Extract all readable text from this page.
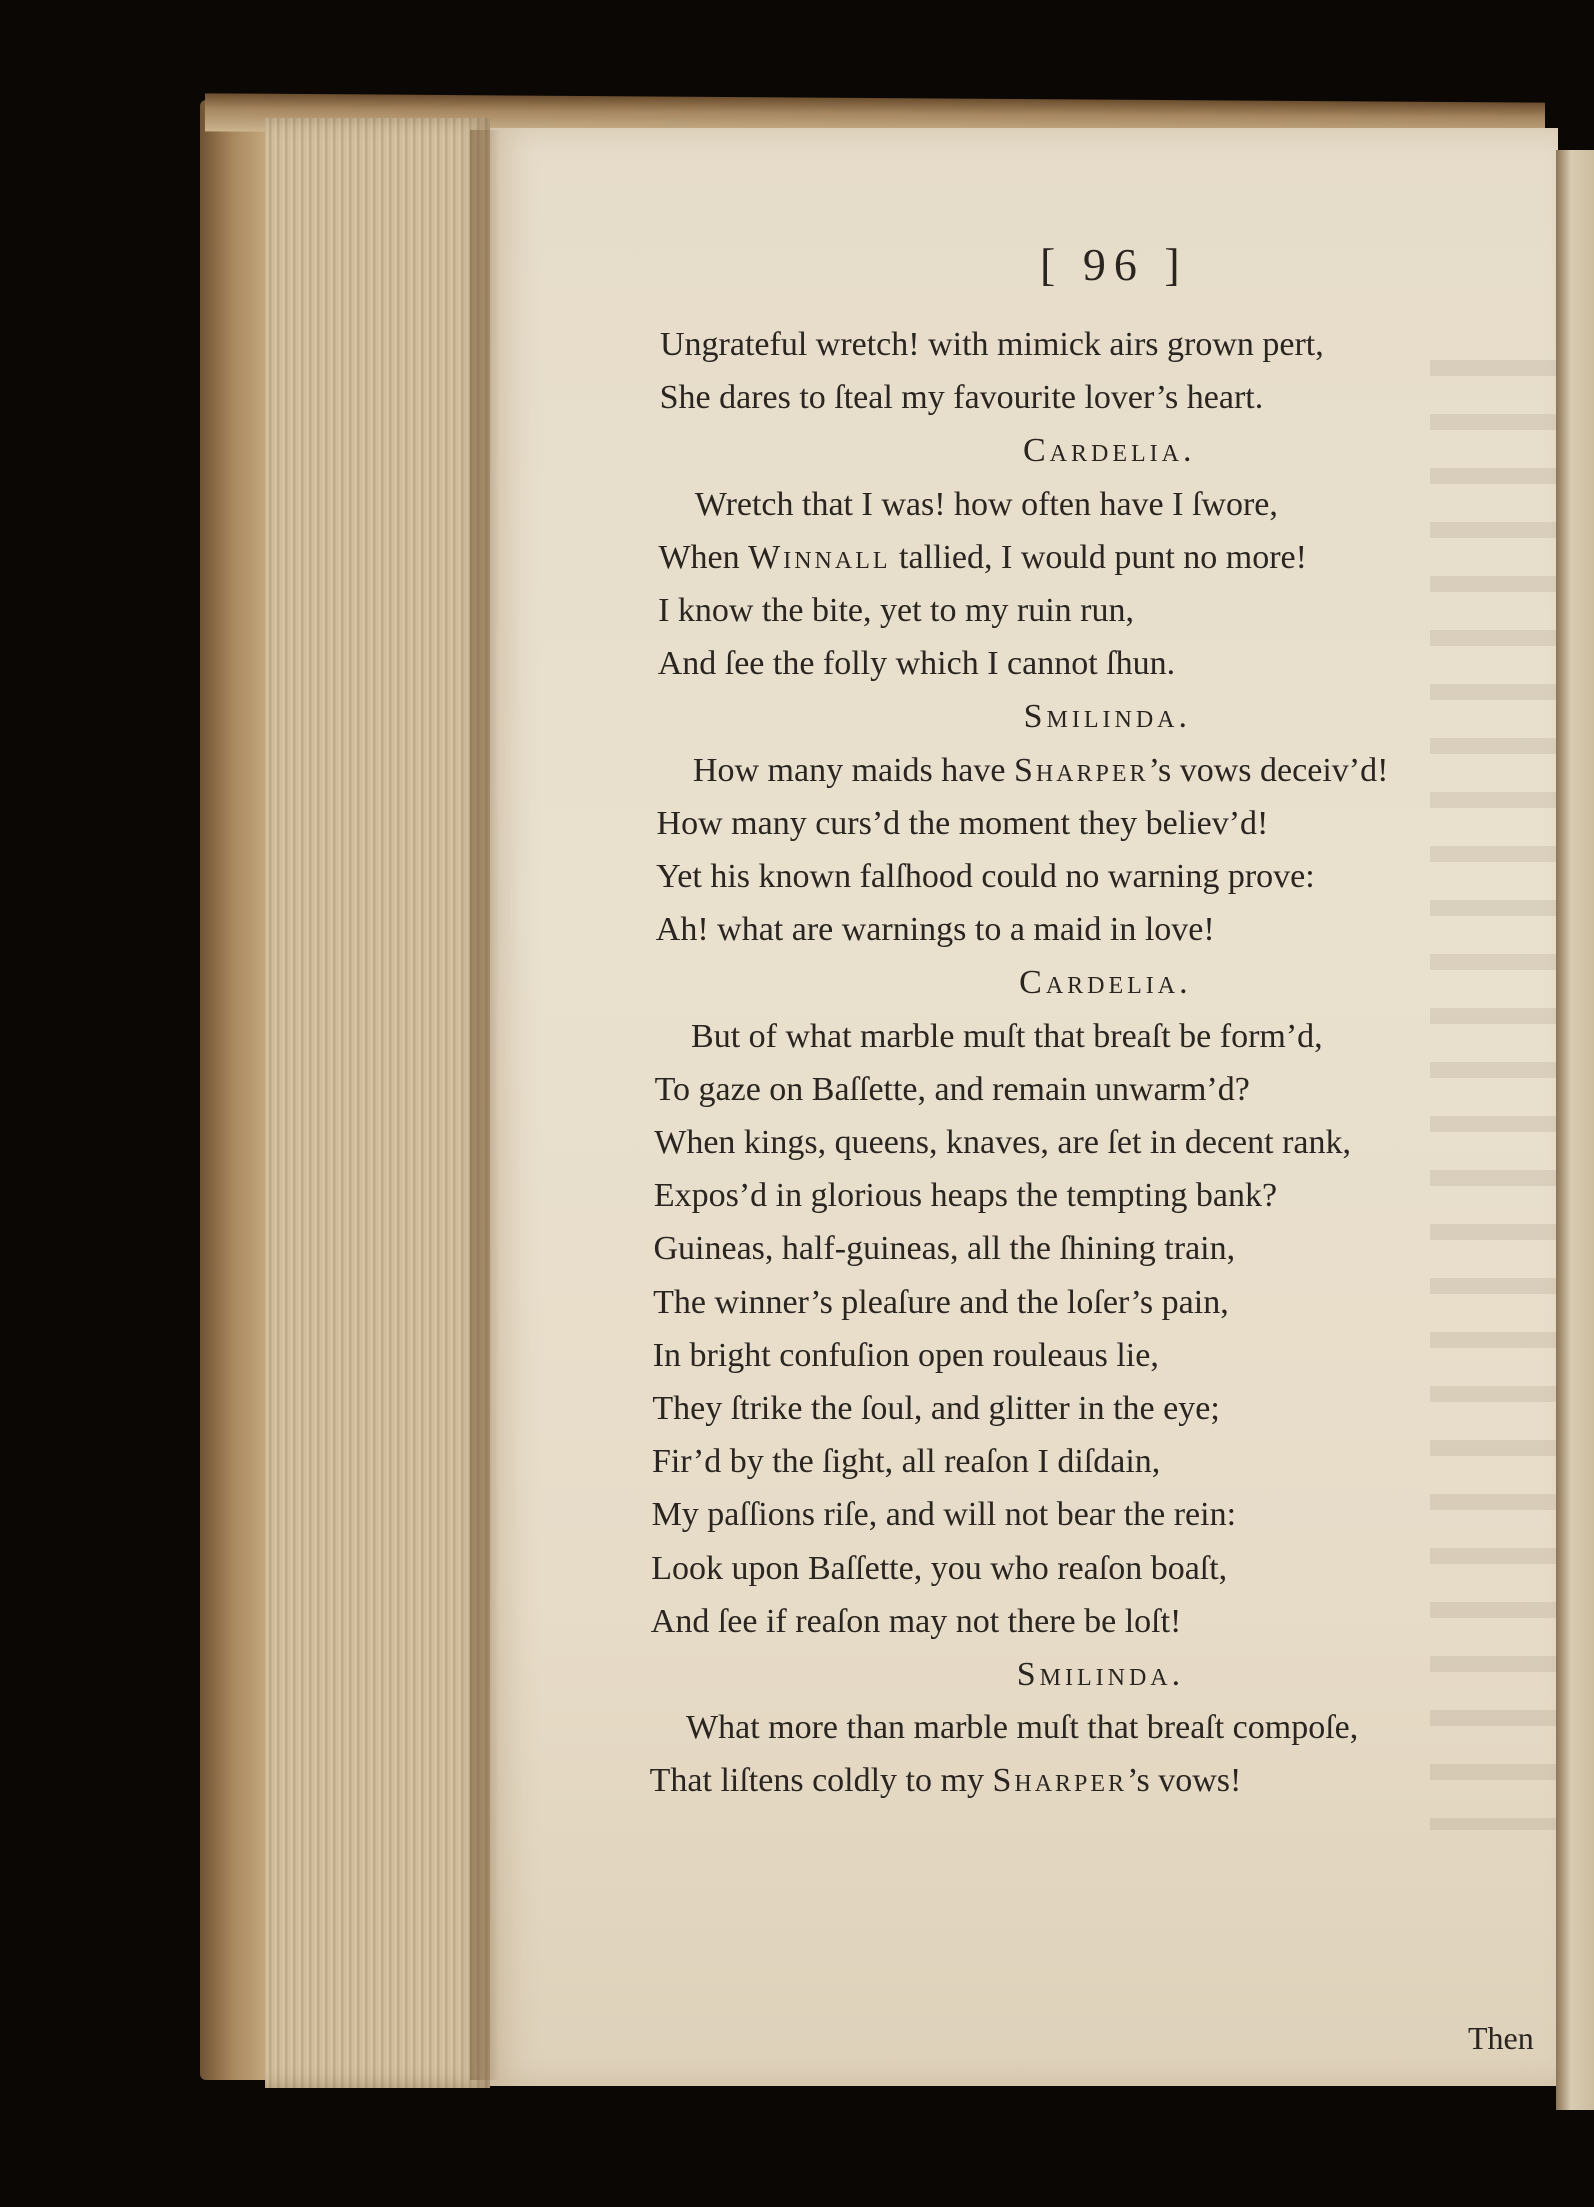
[ 96 ]

Then

Ungrateful wretch! with mimick airs grown pert,

She dares to ſteal my favourite lover’s heart.

Cardelia.

Wretch that I was! how often have I ſwore,

When Winnall tallied, I would punt no more!

I know the bite, yet to my ruin run,

And ſee the folly which I cannot ſhun.

Smilinda.

How many maids have Sharper’s vows deceiv’d!

How many curs’d the moment they believ’d!

Yet his known falſhood could no warning prove:

Ah! what are warnings to a maid in love!

Cardelia.

But of what marble muſt that breaſt be form’d,

To gaze on Baſſette, and remain unwarm’d?

When kings, queens, knaves, are ſet in decent rank,

Expos’d in glorious heaps the tempting bank?

Guineas, half-guineas, all the ſhining train,

The winner’s pleaſure and the loſer’s pain,

In bright confuſion open rouleaus lie,

They ſtrike the ſoul, and glitter in the eye;

Fir’d by the ſight, all reaſon I diſdain,

My paſſions riſe, and will not bear the rein:

Look upon Baſſette, you who reaſon boaſt,

And ſee if reaſon may not there be loſt!

Smilinda.

What more than marble muſt that breaſt compoſe,

That liſtens coldly to my Sharper’s vows!
